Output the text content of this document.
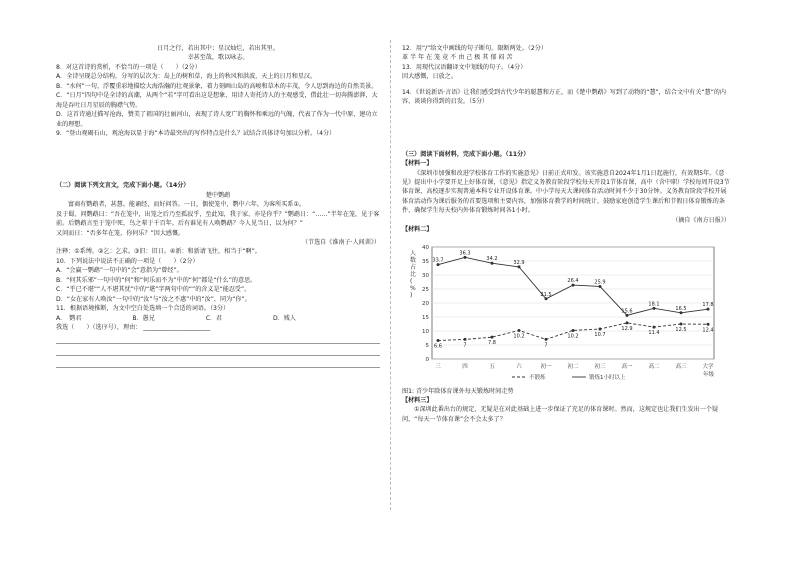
日月之行，若出其中；星汉灿烂，若出其里。

幸甚至哉，歌以咏志。

8．对这首诗的赏析，不恰当的一项是（　　）（2分）

A．全诗呈现总分结构，分写的层次为：岛上的树和草，海上的秋风和洪波，天上的日月和星汉。

B．“水何”一句，浮覆重彩地描绘大海浩瀚的壮观景象，着力刻画山岛的高峻和草木的丰茂，令人思到海边的自然美景。

C．“日月”四句中是全诗的高潮，从两个“若”字可看出这是想象，用诗人寄托诗人的主观感受，借此壮一切奔腾澎湃，大海是吞吐日月星辰的胸襟气势。

D．这首诗通过描写沧海，赞美了祖国的壮丽河山，表现了诗人宽广的胸怀和乘远的气魄，代表了作为一代中原，建功立业的理想。

9．“登山观碣石山，观沧海以显于海”本诗最突出的写作特点是什么？试结合具体诗句加以分析。（4分）

（二）阅读下列文言文，完成下面小题。（14分）

楚中鹦鹉

富商有鹦鹉者，甚慧。能诵经，而好问答。一日，偶使笼中，鹦中六年，为客所买系①。

及于蜀，问鹦鹉曰：“吾在笼中，出笼之后乃至孤寂乎，至此知，我于家，亦是你乎？”鹦鹉日：“……”半年在笼，见于客前。后鹦鹉言至于笼中死，鸟之辈于千百年。后有谁见有人唤鹦鹉？今人见当日，以为何？”

又问而日：“否多年在笼，你何乐？”因大感慨。

（节选自《淮南子·人间训》）

注释：①系缚。②乞：乞求。③旧：旧日。④新：和新请飞往，相当于“啊”。

10．下列说法中说法不正确的一项是（　　）（2分）

A．“会赢一鹦鹉”一句中的“会”意指为“曾经”。

B．“何其乐邪”一句中的“何”和“何乐而不为”中的“何”都是“什么”的意思。

C．“乎已不堪”“人不堪其忧”中的“堪”字两句中的“”的含义是“能忍受”。

D．“女在家有人唤汝”一句中的“汝”与“汝之不惠”中的“汝”，同为“你”。

11．根据语境推断，为文中空白处选填一个合适的词语。（3分）

A．　鹦君	B．愚兄	C．君	D．贱人

我选（　　）（选序号），理由： ______________________

12．用“/”给文中画线的句子断句。限断两处。（2分）

革 半 年 在 笼 竟 不 由 己 极 其 郁 闷 苦

13．用现代汉语翻译文中划线的句子。（4分）

因大感慨，日放之。

14．《世说新语·言语》让我们感受到古代少年的聪慧和方正，而《楚中鹦鹉》写到了动物的“慧”，结合文中有关“慧”的内容，谈谈你得到的启发。（5分）

（三）阅读下面材料，完成下面小题。（11分）

【材料一】

《深圳市加强和改进学校体育工作的实施意见》日前正式印发。该实施意自2024年1月1日起施行，有效期5年。《意见》提出中小学要开足上好体育课，《意见》指定义务教育阶段学校每天开设1节体育课，高中（含中职）学校每周开设3节体育课，高校逐步实现普通本科专业开设体育课。中小学每天大课间体育活动时间不少于30分钟。义务教育阶段学校开展体育活动作为课后服务的首要选项和主要内容，加强体育教学的时间统计，鼓励家庭创造学生课后和节假日体育锻炼的条件，确保学生每天校内外体育锻炼时间各1小时。

（摘自《南方日报》）

【材料二】

0
5
10
15
20
25
30
35
40
人数占比( % )
三	四	五	六	初一	初二	初三	高一	高二	高三	大学
年级
6.6	7	7.8
10.2
7
10.2	10.7
12.9
11.4
12.5	12.4
33.7
36.3
34.2
32.9
21.5
26.4	25.9
15.6
18.1
16.5
17.8
不锻炼	锻炼1小时以上

图1: 青少年除体育课外每天锻炼时间走势

【材料三】

①深圳此番出台的规定，无疑是在对此基础上进一步保证了充足的体育课时。然而，这规定也让我们生发出一个疑问，“每天一节体育课”会不会太多了？
